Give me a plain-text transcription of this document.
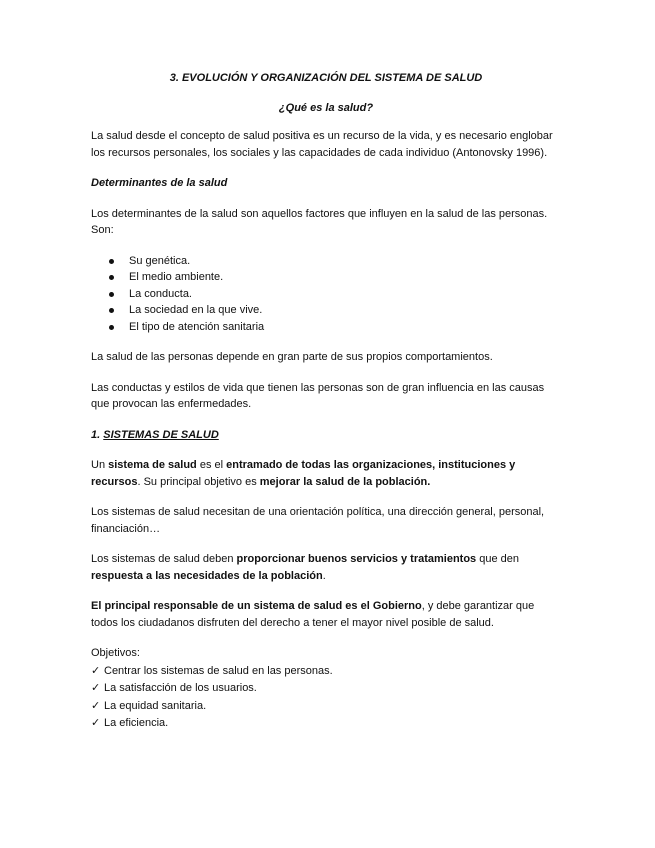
3. EVOLUCIÓN Y ORGANIZACIÓN DEL SISTEMA DE SALUD
¿Qué es la salud?

La salud desde el concepto de salud positiva es un recurso de la vida, y es necesario englobar los recursos personales, los sociales y las capacidades de cada individuo (Antonovsky 1996).

Determinantes de la salud

Los determinantes de la salud son aquellos factores que influyen en la salud de las personas. Son:

Su genética.
El medio ambiente.
La conducta.
La sociedad en la que vive.
El tipo de atención sanitaria

La salud de las personas depende en gran parte de sus propios comportamientos.

Las conductas y estilos de vida que tienen las personas son de gran influencia en las causas que provocan las enfermedades.

1. SISTEMAS DE SALUD

Un sistema de salud es el entramado de todas las organizaciones, instituciones y recursos. Su principal objetivo es mejorar la salud de la población.

Los sistemas de salud necesitan de una orientación política, una dirección general, personal, financiación…

Los sistemas de salud deben proporcionar buenos servicios y tratamientos que den respuesta a las necesidades de la población.

El principal responsable de un sistema de salud es el Gobierno, y debe garantizar que todos los ciudadanos disfruten del derecho a tener el mayor nivel posible de salud.

Objetivos:
✓ Centrar los sistemas de salud en las personas.
✓ La satisfacción de los usuarios.
✓ La equidad sanitaria.
✓ La eficiencia.
